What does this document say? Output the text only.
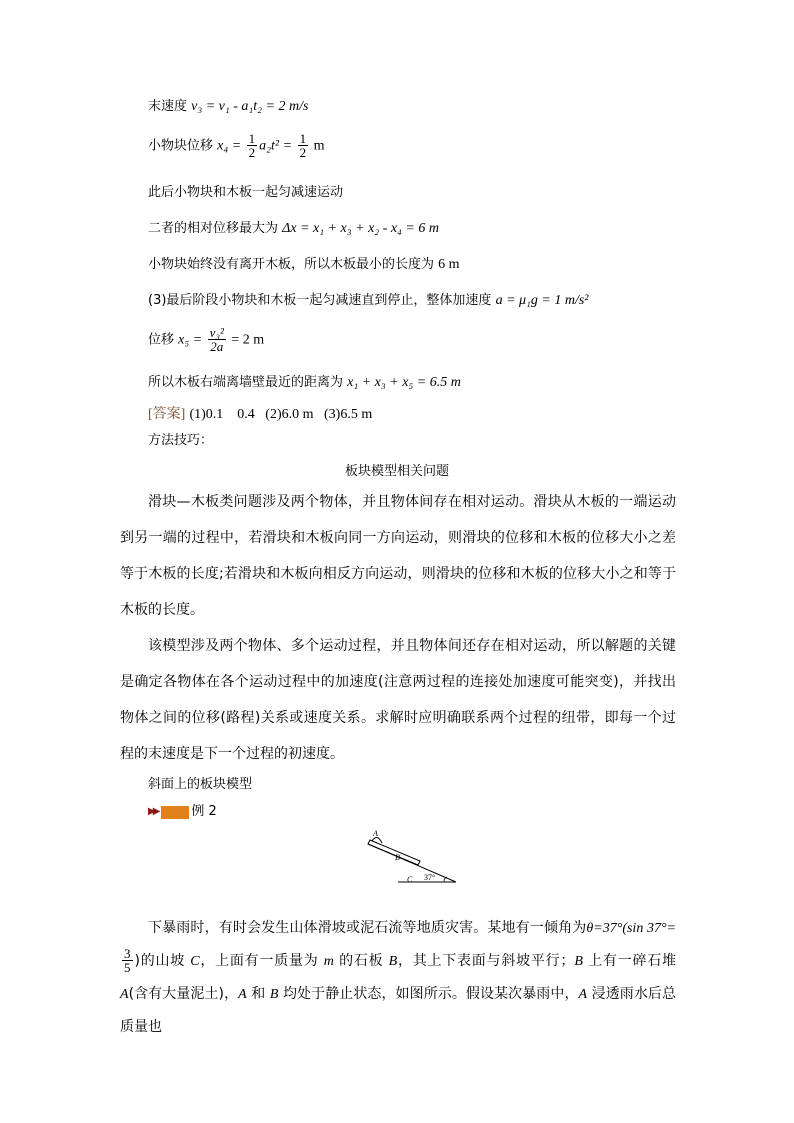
末速度 v₃ = v₁ - a₁t₂ = 2 m/s
小物块位移 $x_4 = \frac{1}{2} a_2t^2 = \frac{1}{2}$ m
此后小物块和木板一起匀减速运动
二者的相对位移最大为 Δx = x₁ + x₃ + x₂ - x₄ = 6 m
小物块始终没有离开木板，所以木板最小的长度为 6 m
(3)最后阶段小物块和木板一起匀减速直到停止，整体加速度 a = μ₁g = 1 m/s²
位移 $x_5 = \frac{\text{v₃²}}{2a} = 2$ m
所以木板右端离墙壁最近的距离为 x₁ + x₃ + x₅ = 6.5 m
[答案] (1)0.1    0.4   (2)6.0 m   (3)6.5 m
方法技巧：
板块模型相关问题
滑块—木板类问题涉及两个物体，并且物体间存在相对运动。滑块从木板的一端运动到另一端的过程中，若滑块和木板向同一方向运动，则滑块的位移和木板的位移大小之差等于木板的长度;若滑块和木板向相反方向运动，则滑块的位移和木板的位移大小之和等于木板的长度。
该模型涉及两个物体、多个运动过程，并且物体间还存在相对运动，所以解题的关键是确定各物体在各个运动过程中的加速度(注意两过程的连接处加速度可能突变)，并找出物体之间的位移(路程)关系或速度关系。求解时应明确联系两个过程的纽带，即每一个过程的末速度是下一个过程的初速度。
斜面上的板块模型
▶▶	例 2
A
B
C 37°
下暴雨时，有时会发生山体滑坡或泥石流等地质灾害。某地有一倾角为θ=37°(sin 37°=
$\frac{3}{5}$ )的山坡 C，上面有一质量为 m 的石板 B，其上下表面与斜坡平行；B 上有一碎石堆 A(含有大量泥土)，A 和 B 均处于静止状态，如图所示。假设某次暴雨中，A 浸透雨水后总质量也
